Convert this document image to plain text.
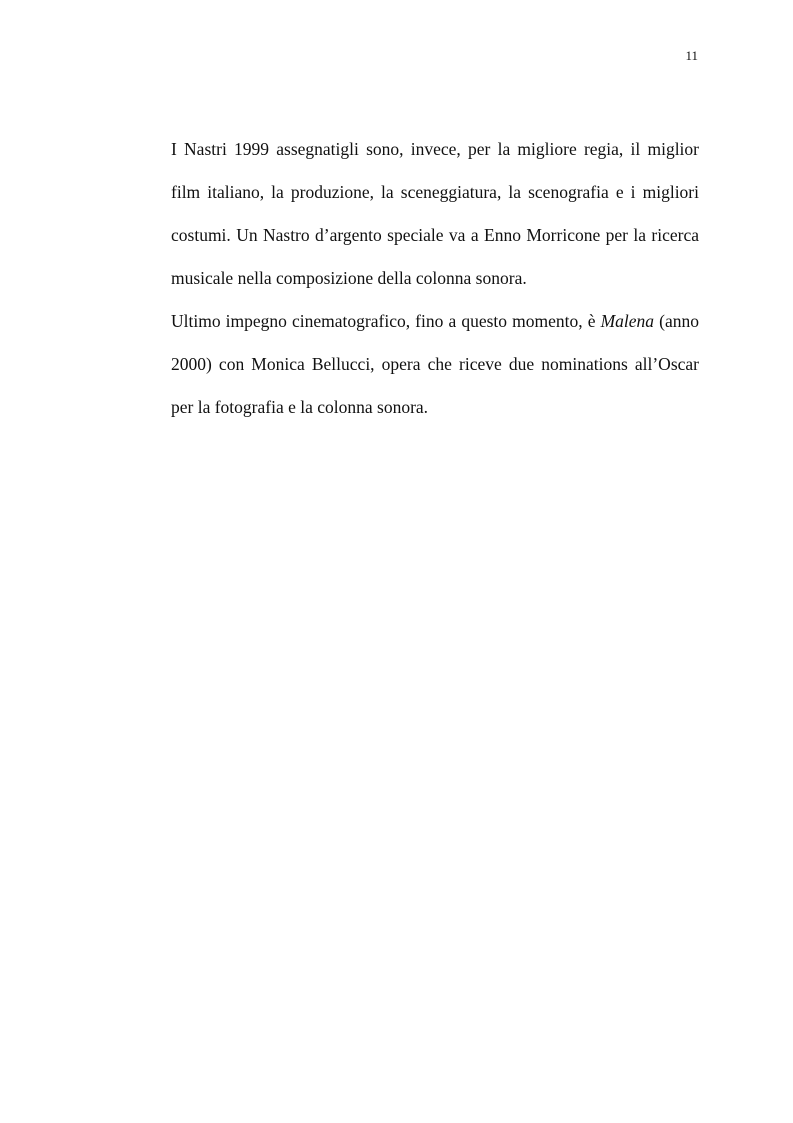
11

I Nastri 1999 assegnatigli sono, invece, per la migliore regia, il miglior film italiano, la produzione, la sceneggiatura, la scenografia e i migliori costumi. Un Nastro d’argento speciale va a Enno Morricone per la ricerca musicale nella composizione della colonna sonora.

Ultimo impegno cinematografico, fino a questo momento, è Malena (anno 2000) con Monica Bellucci, opera che riceve due nominations all’Oscar per la fotografia e la colonna sonora.
